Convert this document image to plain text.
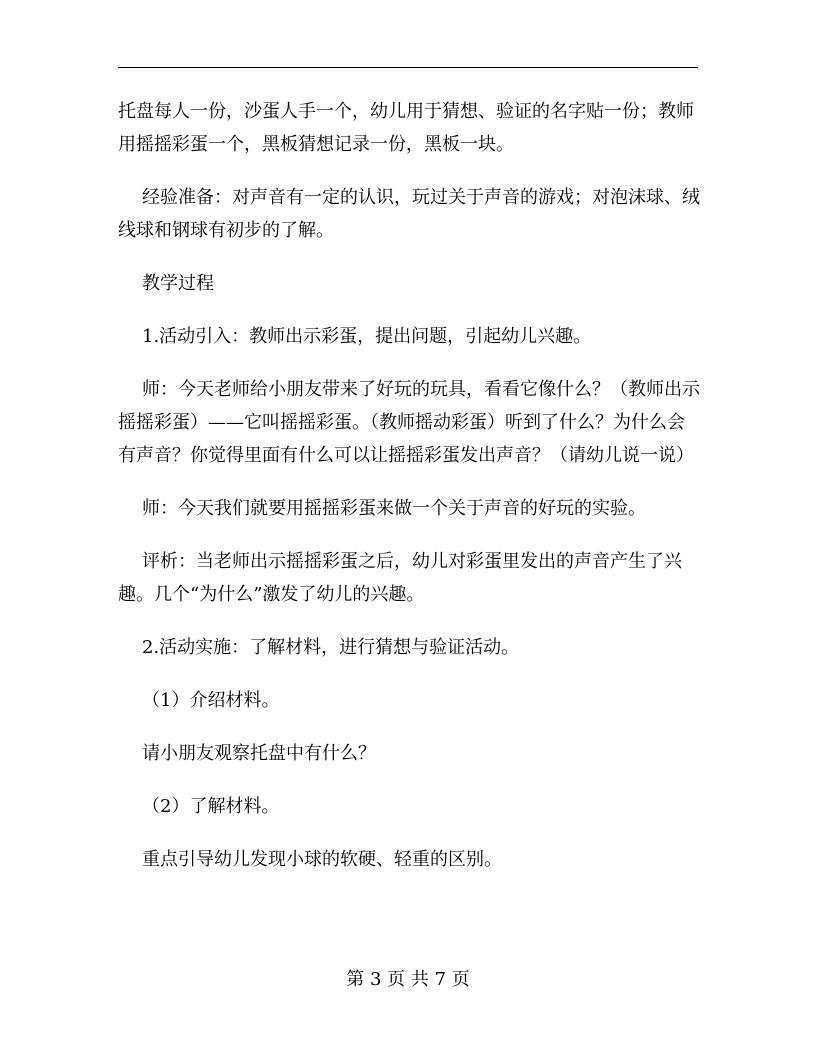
托盘每人一份，沙蛋人手一个，幼儿用于猜想、验证的名字贴一份；教师用摇摇彩蛋一个，黑板猜想记录一份，黑板一块。

经验准备：对声音有一定的认识，玩过关于声音的游戏；对泡沫球、绒线球和钢球有初步的了解。

教学过程

1.活动引入：教师出示彩蛋，提出问题，引起幼儿兴趣。

师：今天老师给小朋友带来了好玩的玩具，看看它像什么？（教师出示摇摇彩蛋）——它叫摇摇彩蛋。（教师摇动彩蛋）听到了什么？为什么会有声音？你觉得里面有什么可以让摇摇彩蛋发出声音？（请幼儿说一说）

师：今天我们就要用摇摇彩蛋来做一个关于声音的好玩的实验。

评析：当老师出示摇摇彩蛋之后，幼儿对彩蛋里发出的声音产生了兴趣。几个“为什么”激发了幼儿的兴趣。

2.活动实施：了解材料，进行猜想与验证活动。

（1）介绍材料。

请小朋友观察托盘中有什么？

（2）了解材料。

重点引导幼儿发现小球的软硬、轻重的区别。

第 3 页 共 7 页
